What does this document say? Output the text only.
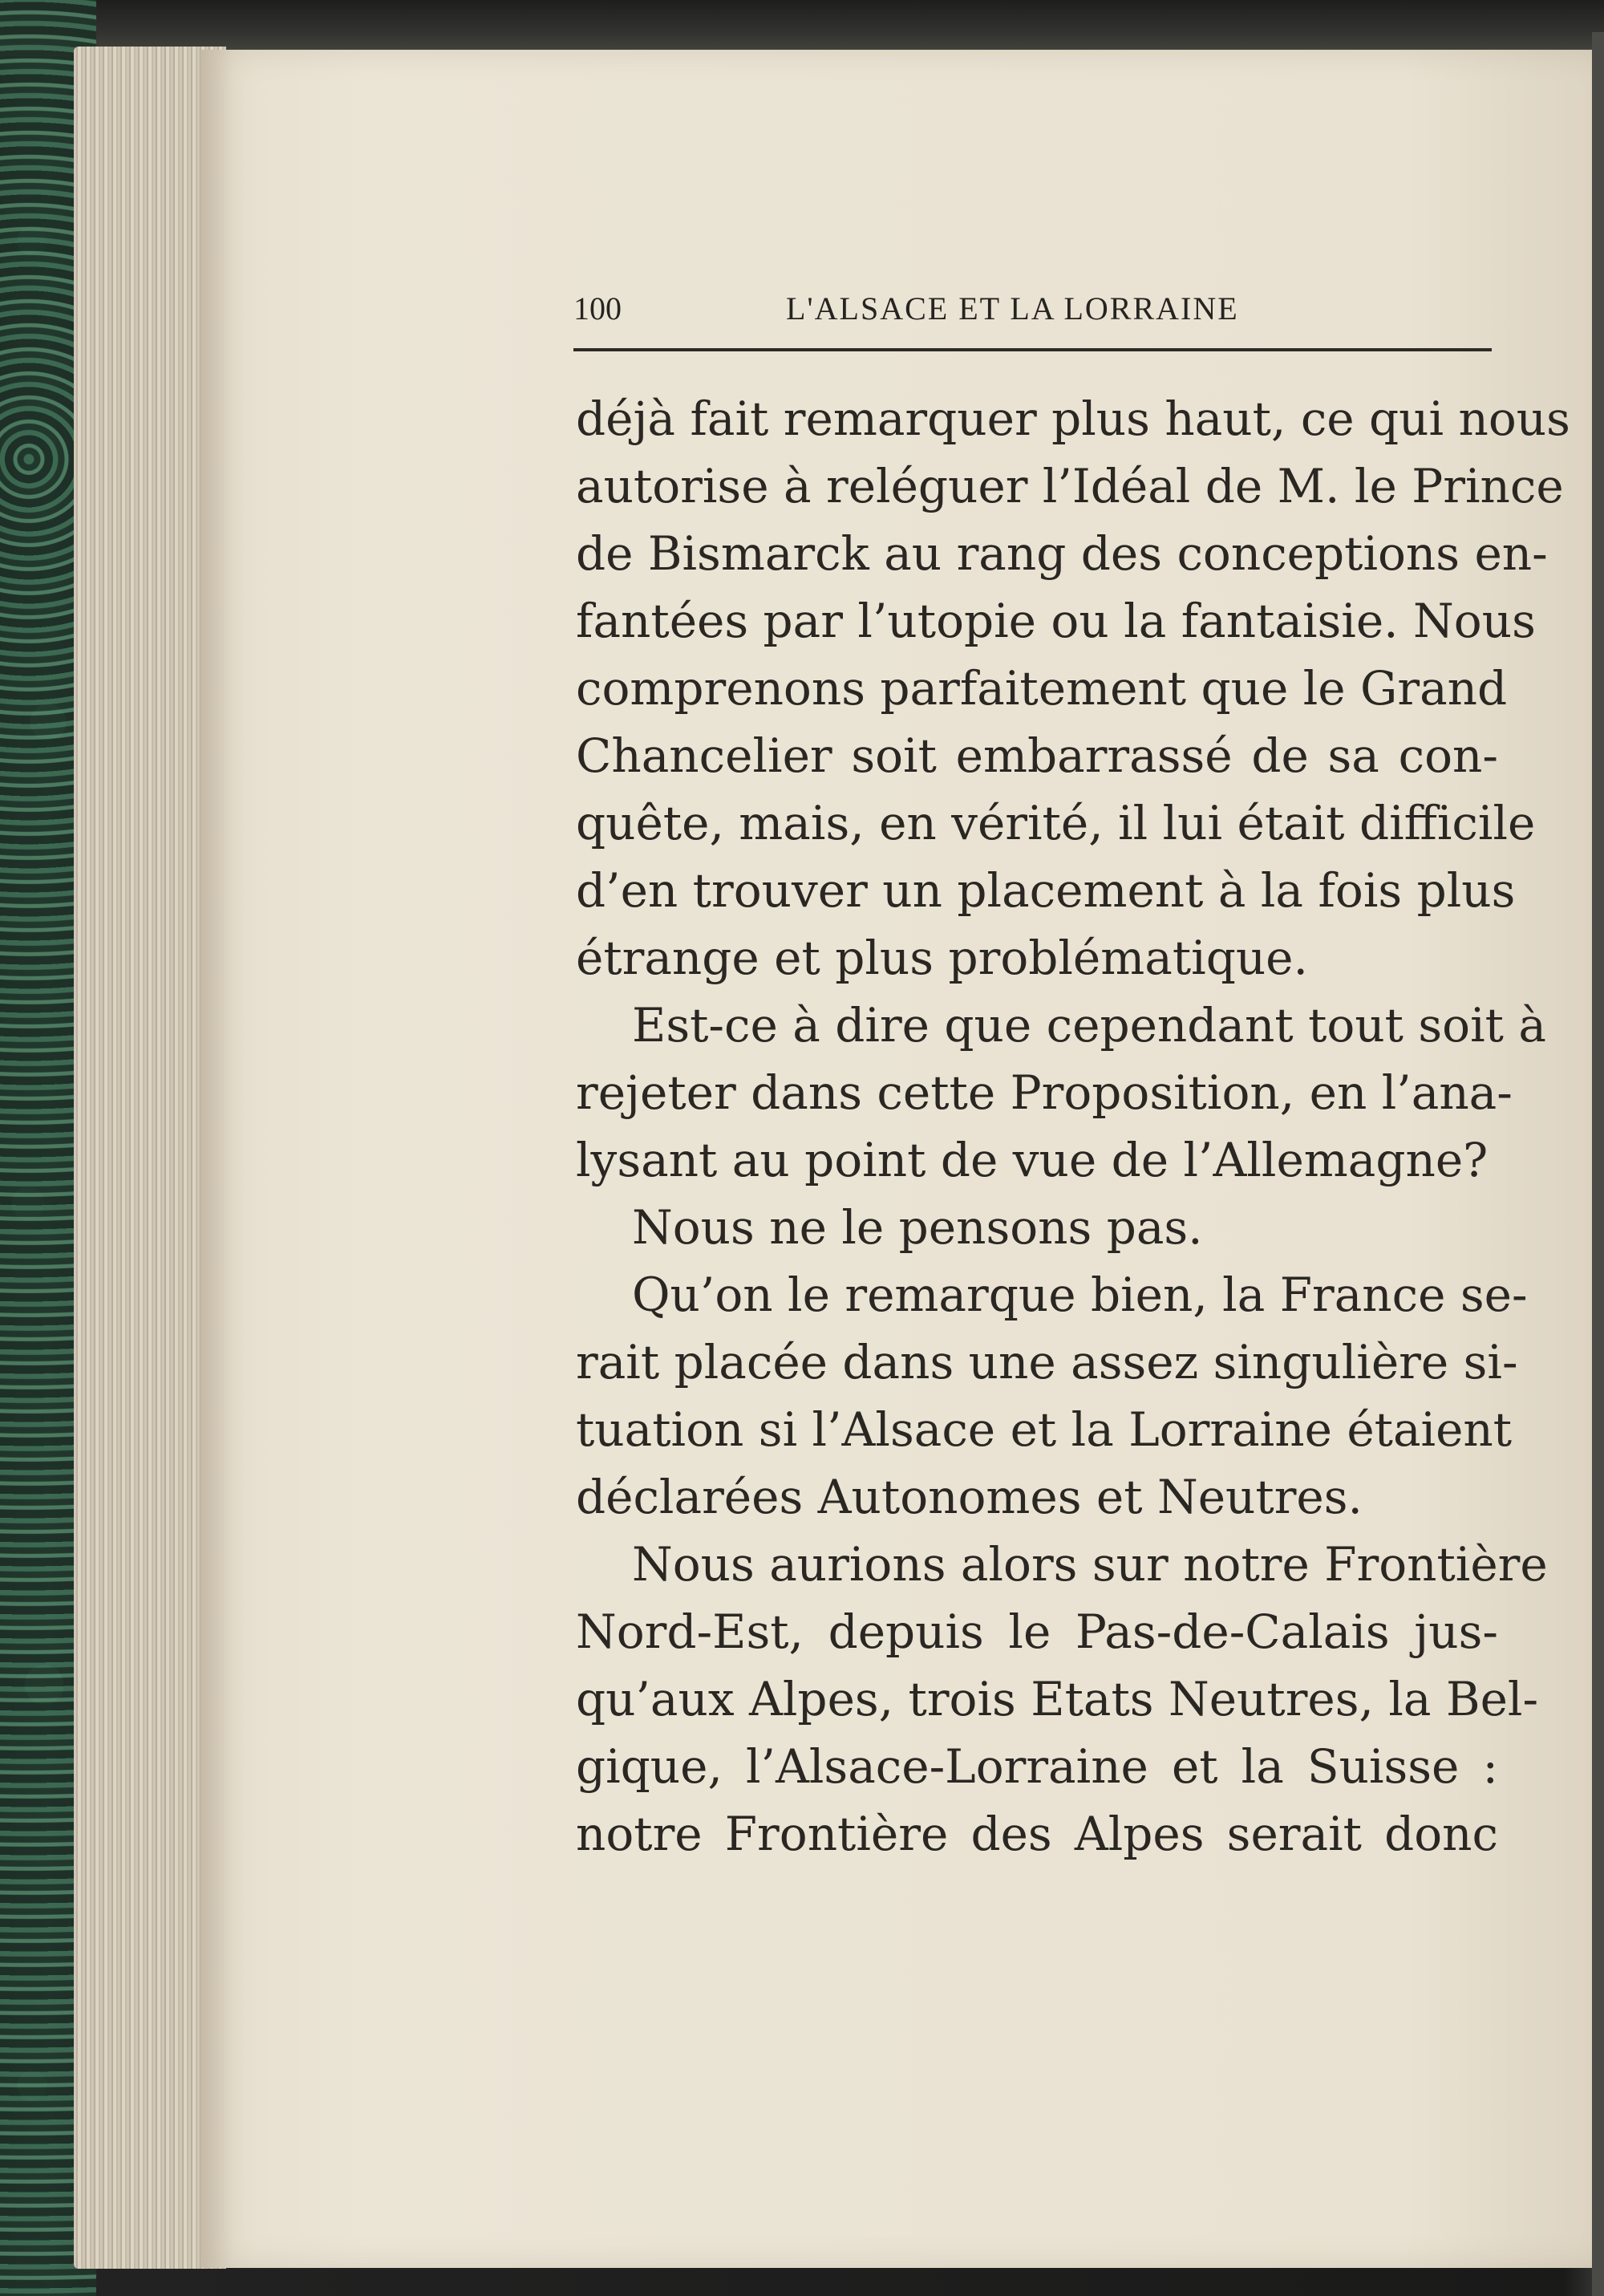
100	L'ALSACE ET LA LORRAINE
déjà fait remarquer plus haut, ce qui nous
autorise à reléguer l’Idéal de M. le Prince
de Bismarck au rang des conceptions en-
fantées par l’utopie ou la fantaisie. Nous
comprenons parfaitement que le Grand
Chancelier soit embarrassé de sa con-
quête, mais, en vérité, il lui était difficile
d’en trouver un placement à la fois plus
étrange et plus problématique.
Est-ce à dire que cependant tout soit à
rejeter dans cette Proposition, en l’ana-
lysant au point de vue de l’Allemagne?
Nous ne le pensons pas.
Qu’on le remarque bien, la France se-
rait placée dans une assez singulière si-
tuation si l’Alsace et la Lorraine étaient
déclarées Autonomes et Neutres.
Nous aurions alors sur notre Frontière
Nord-Est, depuis le Pas-de-Calais jus-
qu’aux Alpes, trois Etats Neutres, la Bel-
gique, l’Alsace-Lorraine et la Suisse :
notre Frontière des Alpes serait donc
